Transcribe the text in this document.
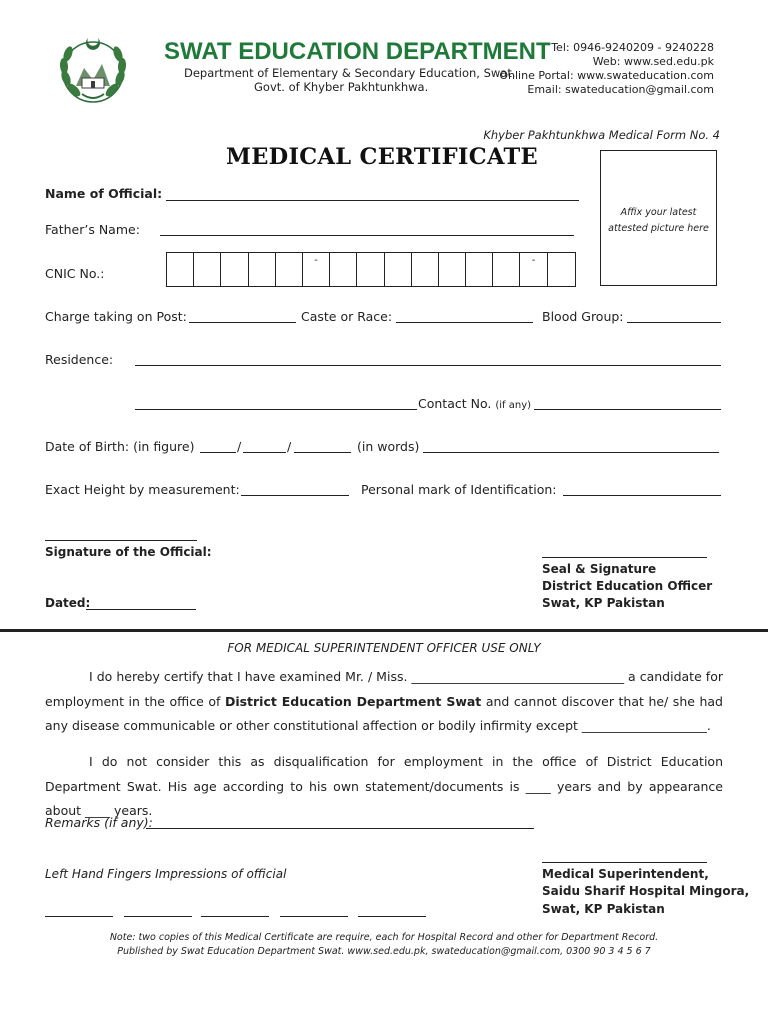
SWAT EDUCATION DEPARTMENT
Department of Elementary & Secondary Education, Swat.
Govt. of Khyber Pakhtunkhwa.
Tel: 0946-9240209 - 9240228
Web: www.sed.edu.pk
Online Portal: www.swateducation.com
Email: swateducation@gmail.com
Khyber Pakhtunkhwa Medical Form No. 4
MEDICAL CERTIFICATE
Affix your latest
attested picture here
Name of Official:
Father’s Name:
CNIC No.:
-	-
Charge taking on Post:	Caste or Race:	Blood Group:
Residence:
Contact No. (if any)
Date of Birth: (in figure)	/	/	(in words)
Exact Height by measurement:	Personal mark of Identification:
Signature of the Official:
Dated:
Seal & Signature
District Education Officer
Swat, KP Pakistan
FOR MEDICAL SUPERINTENDENT OFFICER USE ONLY
I do hereby certify that I have examined Mr. / Miss. __________________________________ a candidate for employment in the office of District Education Department Swat and cannot discover that he/ she had any disease communicable or other constitutional affection or bodily infirmity except ____________________.
I do not consider this as disqualification for employment in the office of District Education Department Swat. His age according to his own statement/documents is ____ years and by appearance about ____ years.
Remarks (if any):
Left Hand Fingers Impressions of official	Medical Superintendent,
Saidu Sharif Hospital Mingora,
Swat, KP Pakistan
Note: two copies of this Medical Certificate are require, each for Hospital Record and other for Department Record.
Published by Swat Education Department Swat. www.sed.edu.pk, swateducation@gmail.com, 0300 90 3 4 5 6 7
